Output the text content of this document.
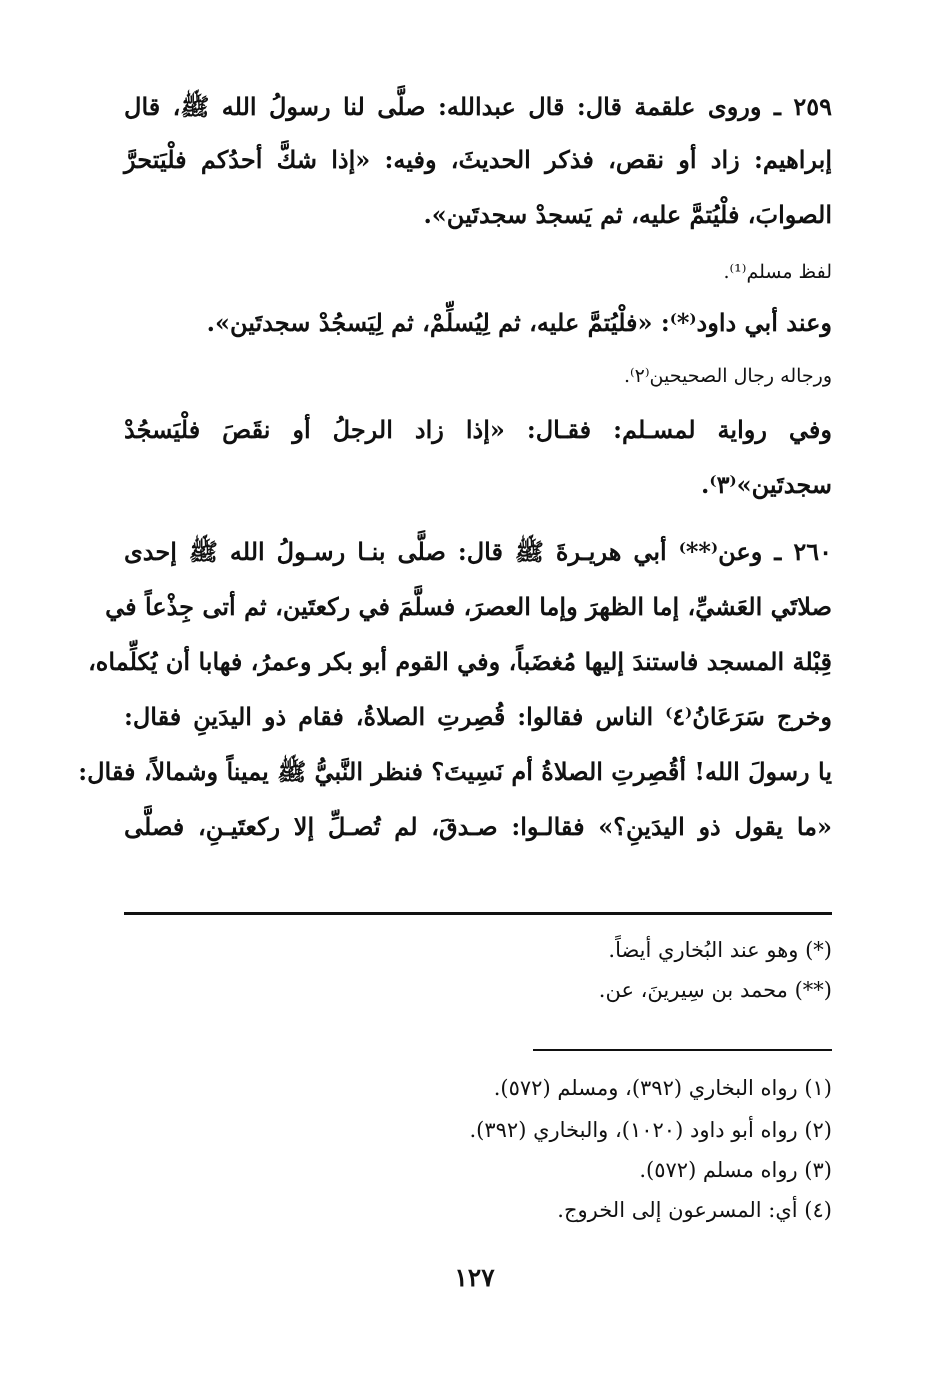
٢٥٩ ـ وروى علقمة قال: قال عبدالله: صلَّى لنا رسولُ الله ﷺ، قال
إبراهيم: زاد أو نقص، فذكر الحديثَ، وفيه: «إذا شكَّ أحدُكم فلْيَتحرَّ
الصوابَ، فلْيُتمَّ عليه، ثم يَسجدْ سجدتَين».
لفظ مسلم⁽¹⁾.
وعند أبي داود⁽*⁾: «فلْيُتمَّ عليه، ثم لِيُسلِّمْ، ثم لِيَسجُدْ سجدتَين».
ورجاله رجال الصحيحين⁽٢⁾.
وفي رواية لمسـلم: فقـال: «إذا زاد الرجلُ أو نقَصَ فلْيَسجُدْ
سجدتَين»⁽٣⁾.
٢٦٠ ـ وعن⁽**⁾ أبي هريـرةَ ﷺ قال: صلَّى بنـا رسـولُ الله ﷺ إحدى
صلاتَي العَشيِّ، إما الظهرَ وإما العصرَ، فسلَّمَ في ركعتَين، ثم أتى جِذْعاً في
قِبْلة المسجد فاستندَ إليها مُغضَباً، وفي القوم أبو بكر وعمرُ، فهابا أن يُكلِّماه،
وخرج سَرَعَانُ⁽٤⁾ الناس فقالوا: قُصِرتِ الصلاةُ، فقام ذو اليدَينِ فقال:
يا رسولَ الله! أقُصِرتِ الصلاةُ أم نَسِيتَ؟ فنظر النَّبيُّ ﷺ يميناً وشمالاً، فقال:
«ما يقول ذو اليدَينِ؟» فقالـوا: صـدقَ، لم تُصـلِّ إلا ركعتَيـنِ، فصلَّى
(*) وهو عند البُخاري أيضاً.
(**) محمد بن سِيرينَ، عن.
(١) رواه البخاري (٣٩٢)، ومسلم (٥٧٢).
(٢) رواه أبو داود (١٠٢٠)، والبخاري (٣٩٢).
(٣) رواه مسلم (٥٧٢).
(٤) أي: المسرعون إلى الخروج.
١٢٧
